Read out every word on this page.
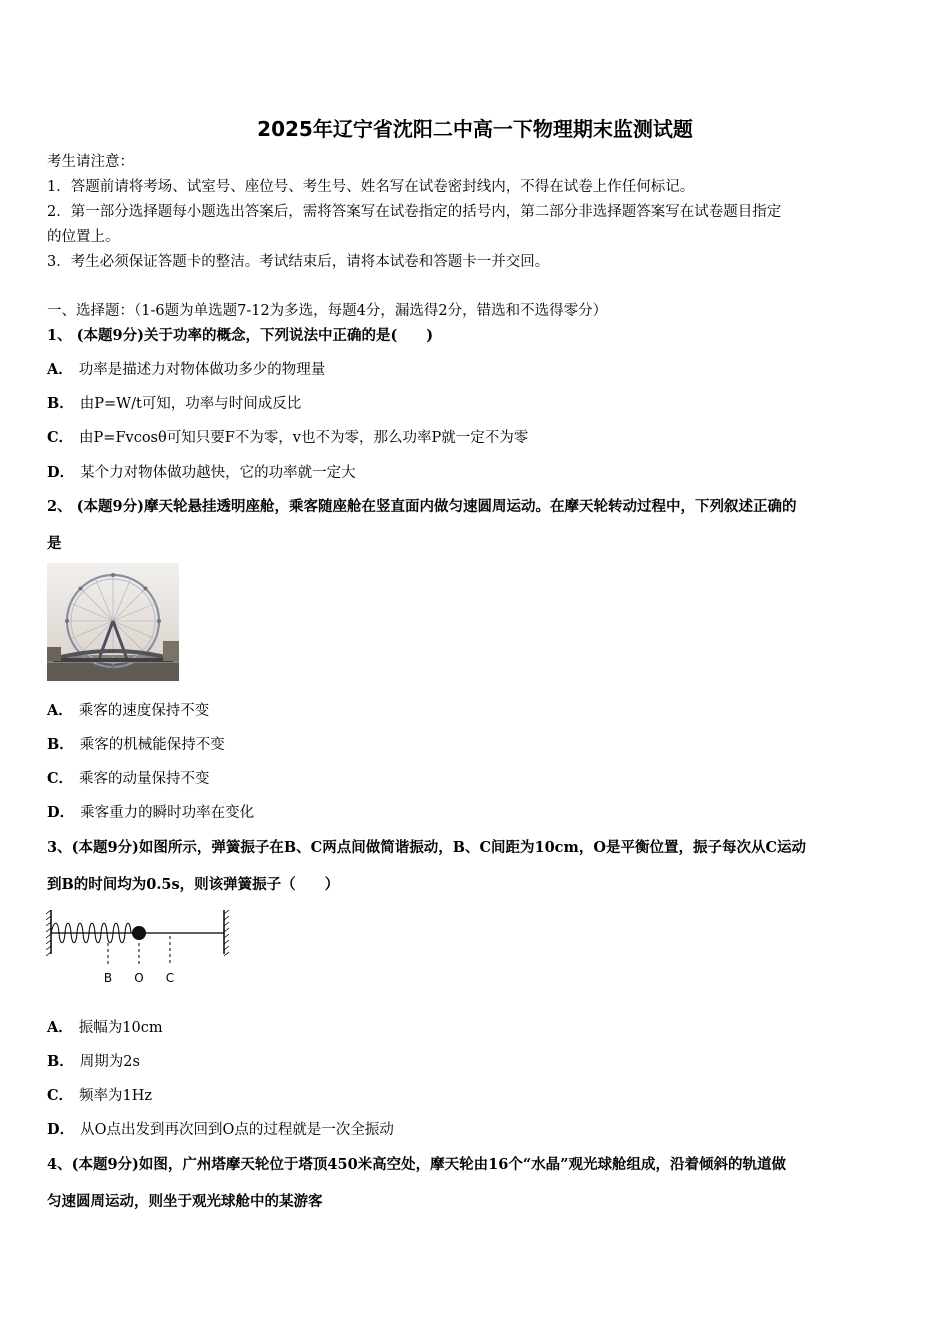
2025年辽宁省沈阳二中高一下物理期末监测试题
考生请注意：
1．答题前请将考场、试室号、座位号、考生号、姓名写在试卷密封线内，不得在试卷上作任何标记。
2．第一部分选择题每小题选出答案后，需将答案写在试卷指定的括号内，第二部分非选择题答案写在试卷题目指定
的位置上。
3．考生必须保证答题卡的整洁。考试结束后，请将本试卷和答题卡一并交回。
一、选择题：（1-6题为单选题7-12为多选，每题4分，漏选得2分，错选和不选得零分）
1、 (本题9分)关于功率的概念，下列说法中正确的是(　　)
A． 功率是描述力对物体做功多少的物理量
B． 由P=W/t可知，功率与时间成反比
C． 由P=Fvcosθ可知只要F不为零，v也不为零，那么功率P就一定不为零
D． 某个力对物体做功越快，它的功率就一定大
2、 (本题9分)摩天轮悬挂透明座舱，乘客随座舱在竖直面内做匀速圆周运动。在摩天轮转动过程中，下列叙述正确的
是
A． 乘客的速度保持不变
B． 乘客的机械能保持不变
C． 乘客的动量保持不变
D． 乘客重力的瞬时功率在变化
3、(本题9分)如图所示，弹簧振子在B、C两点间做简谐振动，B、C间距为10cm，O是平衡位置，振子每次从C运动
到B的时间均为0.5s，则该弹簧振子（　　）
B O C
A． 振幅为10cm
B． 周期为2s
C． 频率为1Hz
D． 从O点出发到再次回到O点的过程就是一次全振动
4、(本题9分)如图，广州塔摩天轮位于塔顶450米高空处，摩天轮由16个“水晶”观光球舱组成，沿着倾斜的轨道做
匀速圆周运动，则坐于观光球舱中的某游客
